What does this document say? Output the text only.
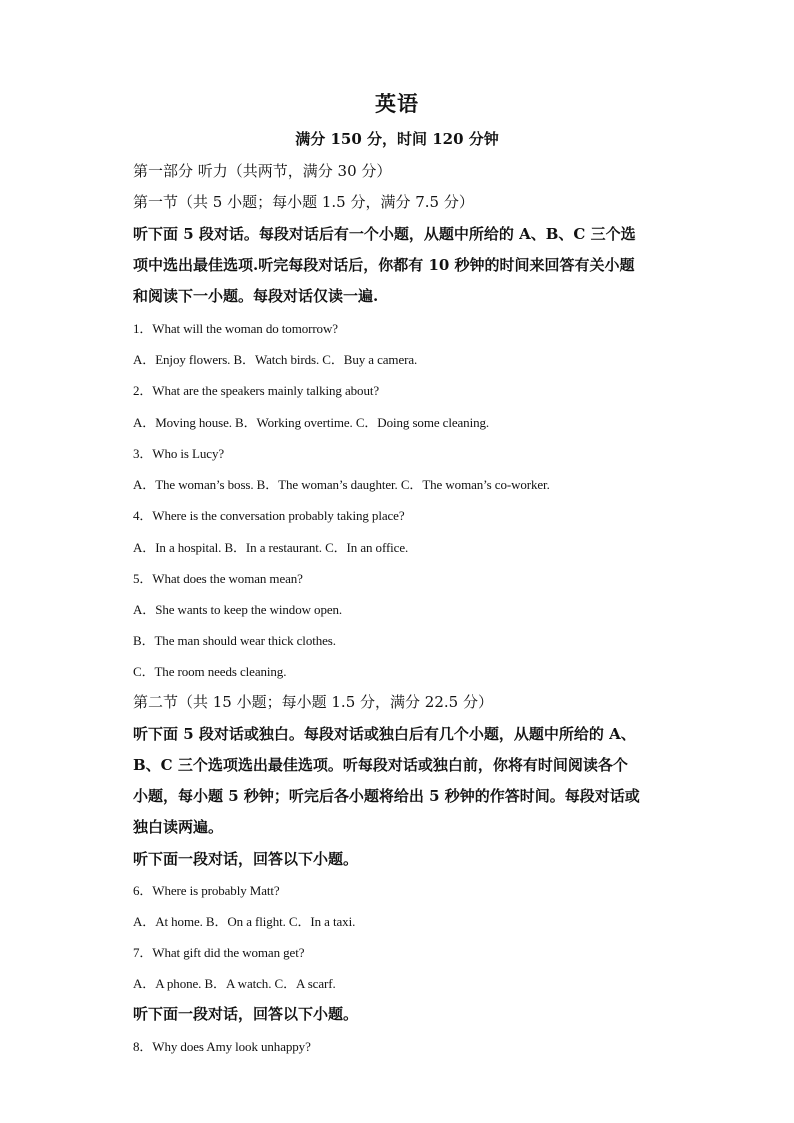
英语
满分 150 分，时间 120 分钟
第一部分 听力（共两节，满分 30 分）
第一节（共 5 小题；每小题 1.5 分，满分 7.5 分）
听下面 5 段对话。每段对话后有一个小题，从题中所给的 A、B、C 三个选
项中选出最佳选项.听完每段对话后，你都有 10 秒钟的时间来回答有关小题
和阅读下一小题。每段对话仅读一遍.
1．What will the woman do tomorrow?
A．Enjoy flowers. B．Watch birds. C．Buy a camera.
2．What are the speakers mainly talking about?
A．Moving house. B．Working overtime. C．Doing some cleaning.
3．Who is Lucy?
A．The woman’s boss. B．The woman’s daughter. C．The woman’s co-worker.
4．Where is the conversation probably taking place?
A．In a hospital. B．In a restaurant. C．In an office.
5．What does the woman mean?
A．She wants to keep the window open.
B．The man should wear thick clothes.
C．The room needs cleaning.
第二节（共 15 小题；每小题 1.5 分，满分 22.5 分）
听下面 5 段对话或独白。每段对话或独白后有几个小题，从题中所给的 A、
B、C 三个选项选出最佳选项。听每段对话或独白前，你将有时间阅读各个
小题，每小题 5 秒钟；听完后各小题将给出 5 秒钟的作答时间。每段对话或
独白读两遍。
听下面一段对话，回答以下小题。
6．Where is probably Matt?
A．At home. B．On a flight. C．In a taxi.
7．What gift did the woman get?
A．A phone. B．A watch. C．A scarf.
听下面一段对话，回答以下小题。
8．Why does Amy look unhappy?
